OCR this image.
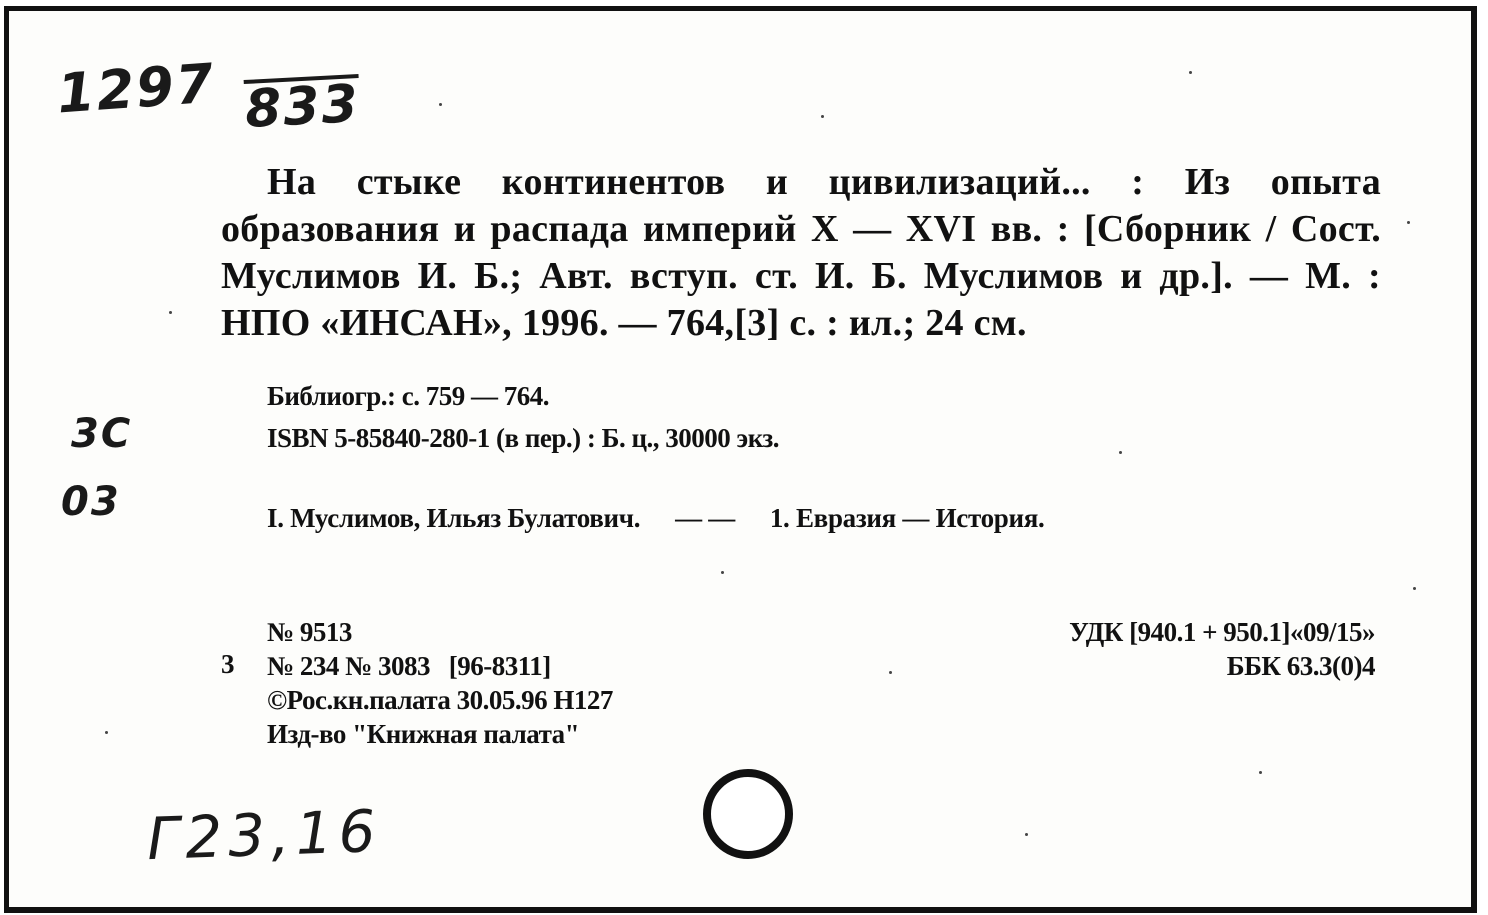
1297 833
На стыке континентов и цивилизаций... : Из опыта образования и распада империй X — XVI вв. : [Сборник / Сост. Муслимов И. Б.; Авт. вступ. ст. И. Б. Муслимов и др.]. — М. : НПО «ИНСАН», 1996. — 764,[3] с. : ил.; 24 см.
Библиогр.: с. 759 — 764.
ISBN 5-85840-280-1 (в пер.) : Б. ц., 30000 экз.
3С
03	I. Муслимов, Ильяз Булатович. — — 1. Евразия — История.
3
№ 9513
№ 234 № 3083   [96-8311]
©Рос.кн.палата 30.05.96 Н127
Изд-во "Книжная палата"
УДК [940.1 + 950.1]«09/15»
ББК 63.3(0)4
Г23,16
